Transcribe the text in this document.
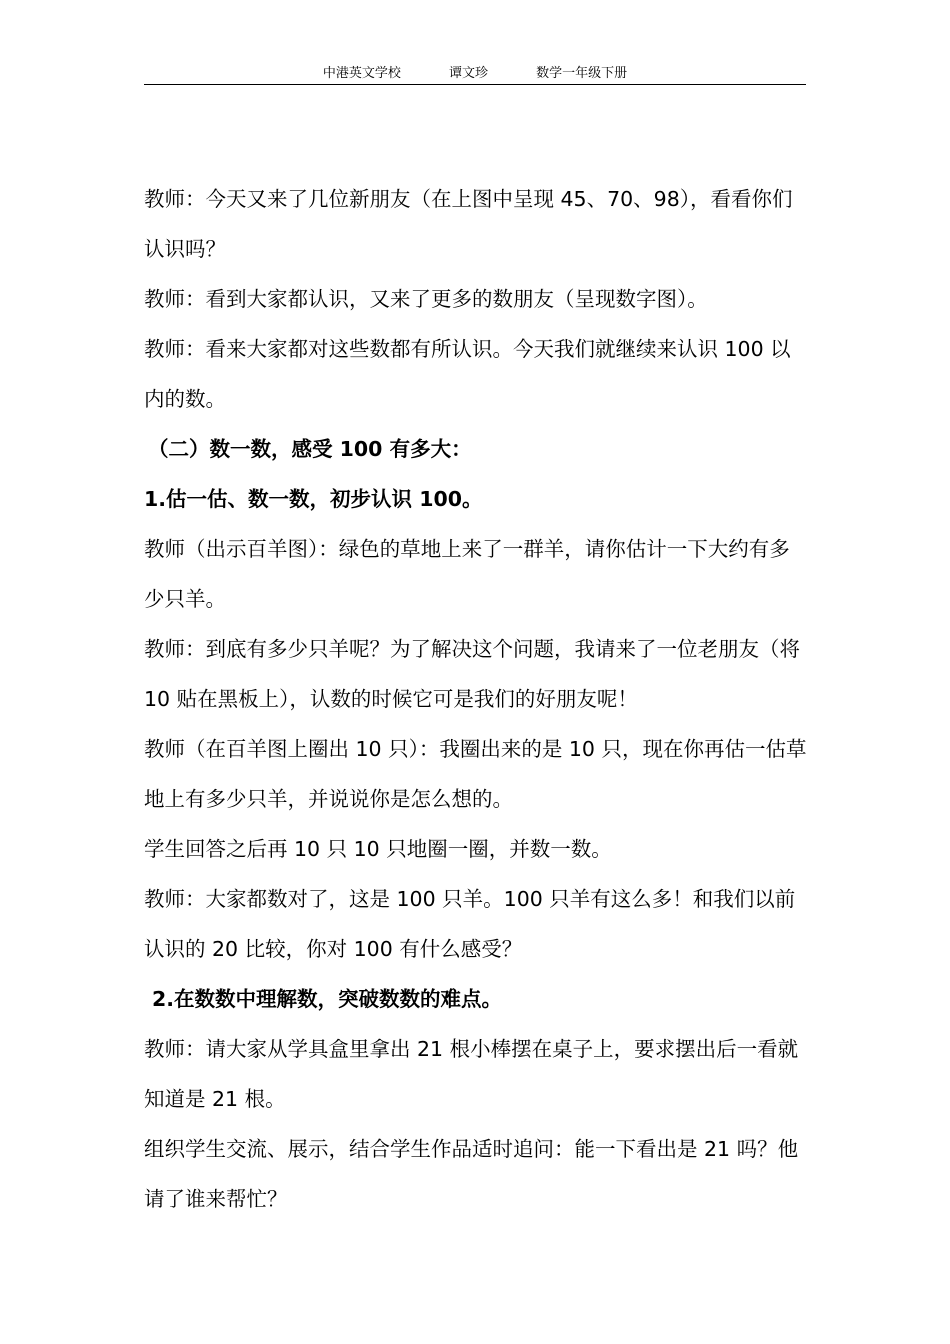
中港英文学校	谭文珍	数学一年级下册

教师：今天又来了几位新朋友（在上图中呈现 45、70、98），看看你们认识吗？

教师：看到大家都认识，又来了更多的数朋友（呈现数字图）。

教师：看来大家都对这些数都有所认识。今天我们就继续来认识 100 以内的数。

（二）数一数，感受 100 有多大：

1.估一估、数一数，初步认识 100。

教师（出示百羊图）：绿色的草地上来了一群羊，请你估计一下大约有多少只羊。

教师：到底有多少只羊呢？为了解决这个问题，我请来了一位老朋友（将 10 贴在黑板上），认数的时候它可是我们的好朋友呢！

教师（在百羊图上圈出 10 只）：我圈出来的是 10 只，现在你再估一估草地上有多少只羊，并说说你是怎么想的。

学生回答之后再 10 只 10 只地圈一圈，并数一数。

教师：大家都数对了，这是 100 只羊。100 只羊有这么多！和我们以前认识的 20 比较，你对 100 有什么感受？

2.在数数中理解数，突破数数的难点。

教师：请大家从学具盒里拿出 21 根小棒摆在桌子上，要求摆出后一看就知道是 21 根。

组织学生交流、展示，结合学生作品适时追问：能一下看出是 21 吗？他请了谁来帮忙？
